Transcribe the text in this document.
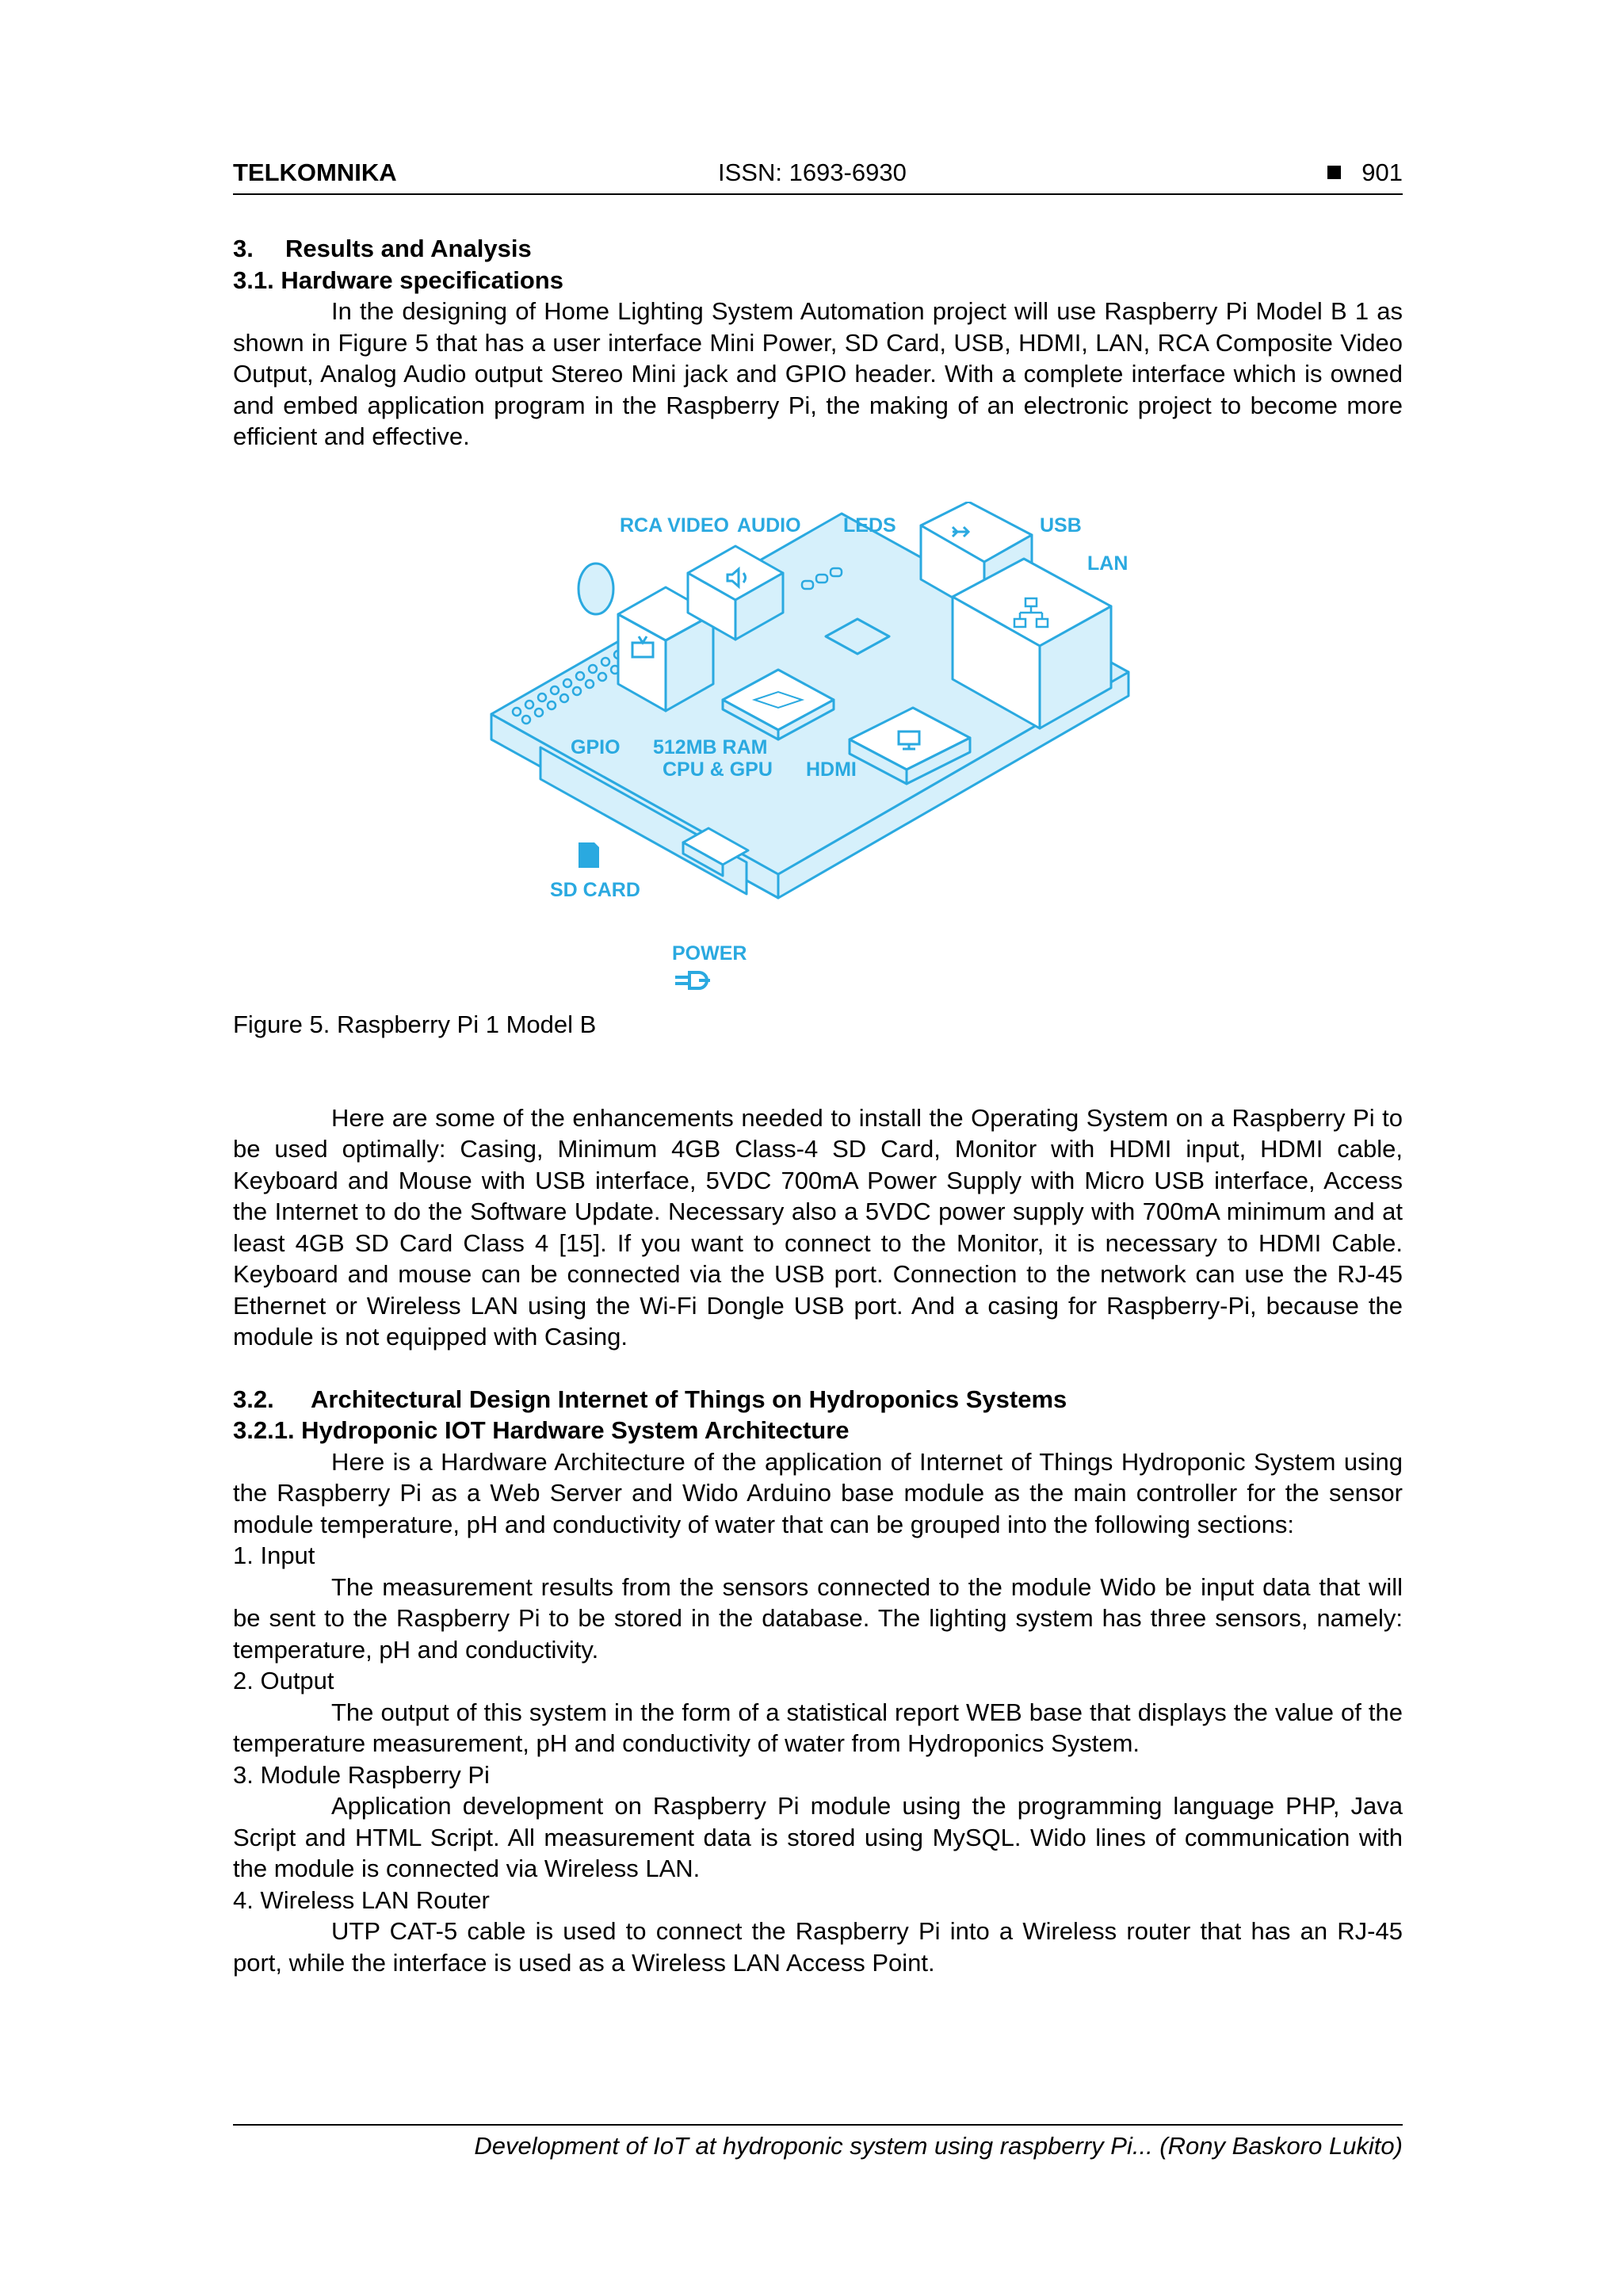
TELKOMNIKA	ISSN: 1693-6930	901

3. Results and Analysis

3.1. Hardware specifications

In the designing of Home Lighting System Automation project will use Raspberry Pi Model B 1 as shown in Figure 5 that has a user interface Mini Power, SD Card, USB, HDMI, LAN, RCA Composite Video Output, Analog Audio output Stereo Mini jack and GPIO header. With a complete interface which is owned and embed application program in the Raspberry Pi, the making of an electronic project to become more efficient and effective.

RCA VIDEO AUDIO LEDS	USB
LAN
GPIO 512MB RAM
CPU & GPU HDMI
SD CARD
POWER

Figure 5. Raspberry Pi 1 Model B

Here are some of the enhancements needed to install the Operating System on a Raspberry Pi to be used optimally: Casing, Minimum 4GB Class-4 SD Card, Monitor with HDMI input, HDMI cable, Keyboard and Mouse with USB interface, 5VDC 700mA Power Supply with Micro USB interface, Access the Internet to do the Software Update. Necessary also a 5VDC power supply with 700mA minimum and at least 4GB SD Card Class 4 [15]. If you want to connect to the Monitor, it is necessary to HDMI Cable. Keyboard and mouse can be connected via the USB port. Connection to the network can use the RJ-45 Ethernet or Wireless LAN using the Wi-Fi Dongle USB port. And a casing for Raspberry-Pi, because the module is not equipped with Casing.

3.2. Architectural Design Internet of Things on Hydroponics Systems

3.2.1. Hydroponic IOT Hardware System Architecture

Here is a Hardware Architecture of the application of Internet of Things Hydroponic System using the Raspberry Pi as a Web Server and Wido Arduino base module as the main controller for the sensor module temperature, pH and conductivity of water that can be grouped into the following sections:

1. Input

The measurement results from the sensors connected to the module Wido be input data that will be sent to the Raspberry Pi to be stored in the database. The lighting system has three sensors, namely: temperature, pH and conductivity.

2. Output

The output of this system in the form of a statistical report WEB base that displays the value of the temperature measurement, pH and conductivity of water from Hydroponics System.

3. Module Raspberry Pi

Application development on Raspberry Pi module using the programming language PHP, Java Script and HTML Script. All measurement data is stored using MySQL. Wido lines of communication with the module is connected via Wireless LAN.

4. Wireless LAN Router

UTP CAT-5 cable is used to connect the Raspberry Pi into a Wireless router that has an RJ-45 port, while the interface is used as a Wireless LAN Access Point.

Development of IoT at hydroponic system using raspberry Pi... (Rony Baskoro Lukito)
